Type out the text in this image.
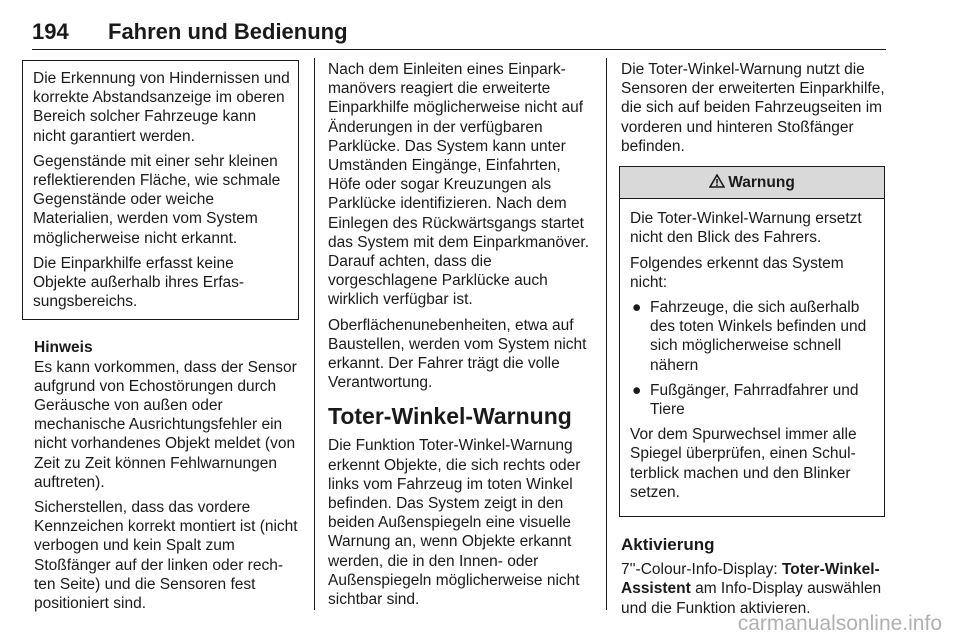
194	Fahren und Bedienung

Die Erkennung von Hindernissen und korrekte Abstandsanzeige im oberen Bereich solcher Fahrzeuge kann nicht garantiert werden.

Gegenstände mit einer sehr kleinen reflektierenden Fläche, wie schmale Gegenstände oder weiche Materialien, werden vom System möglicherweise nicht erkannt.

Die Einparkhilfe erfasst keine Objekte außerhalb ihres Erfassungsbereichs.

Hinweis

Es kann vorkommen, dass der Sensor aufgrund von Echostörungen durch Geräusche von außen oder mechanische Ausrichtungsfehler ein nicht vorhandenes Objekt meldet (von Zeit zu Zeit können Fehlwarnungen auftreten).

Sicherstellen, dass das vordere Kennzeichen korrekt montiert ist (nicht verbogen und kein Spalt zum Stoßfänger auf der linken oder rechten Seite) und die Sensoren fest positioniert sind.

Nach dem Einleiten eines Einparkmanövers reagiert die erweiterte Einparkhilfe möglicherweise nicht auf Änderungen in der verfügbaren Parklücke. Das System kann unter Umständen Eingänge, Einfahrten, Höfe oder sogar Kreuzungen als Parklücke identifizieren. Nach dem Einlegen des Rückwärtsgangs startet das System mit dem Einparkmanöver. Darauf achten, dass die vorgeschlagene Parklücke auch wirklich verfügbar ist.

Oberflächenunebenheiten, etwa auf Baustellen, werden vom System nicht erkannt. Der Fahrer trägt die volle Verantwortung.

Toter-Winkel-Warnung

Die Funktion Toter-Winkel-Warnung erkennt Objekte, die sich rechts oder links vom Fahrzeug im toten Winkel befinden. Das System zeigt in den beiden Außenspiegeln eine visuelle Warnung an, wenn Objekte erkannt werden, die in den Innen- oder Außenspiegeln möglicherweise nicht sichtbar sind.

Die Toter-Winkel-Warnung nutzt die Sensoren der erweiterten Einparkhilfe, die sich auf beiden Fahrzeugseiten im vorderen und hinteren Stoßfänger befinden.

Warnung

Die Toter-Winkel-Warnung ersetzt nicht den Blick des Fahrers.

Folgendes erkennt das System nicht:

● Fahrzeuge, die sich außerhalb des toten Winkels befinden und sich möglicherweise schnell nähern
● Fußgänger, Fahrradfahrer und Tiere

Vor dem Spurwechsel immer alle Spiegel überprüfen, einen Schulterblick machen und den Blinker setzen.

Aktivierung

7''-Colour-Info-Display: Toter-Winkel-Assistent am Info-Display auswählen und die Funktion aktivieren.

carmanualsonline.info
